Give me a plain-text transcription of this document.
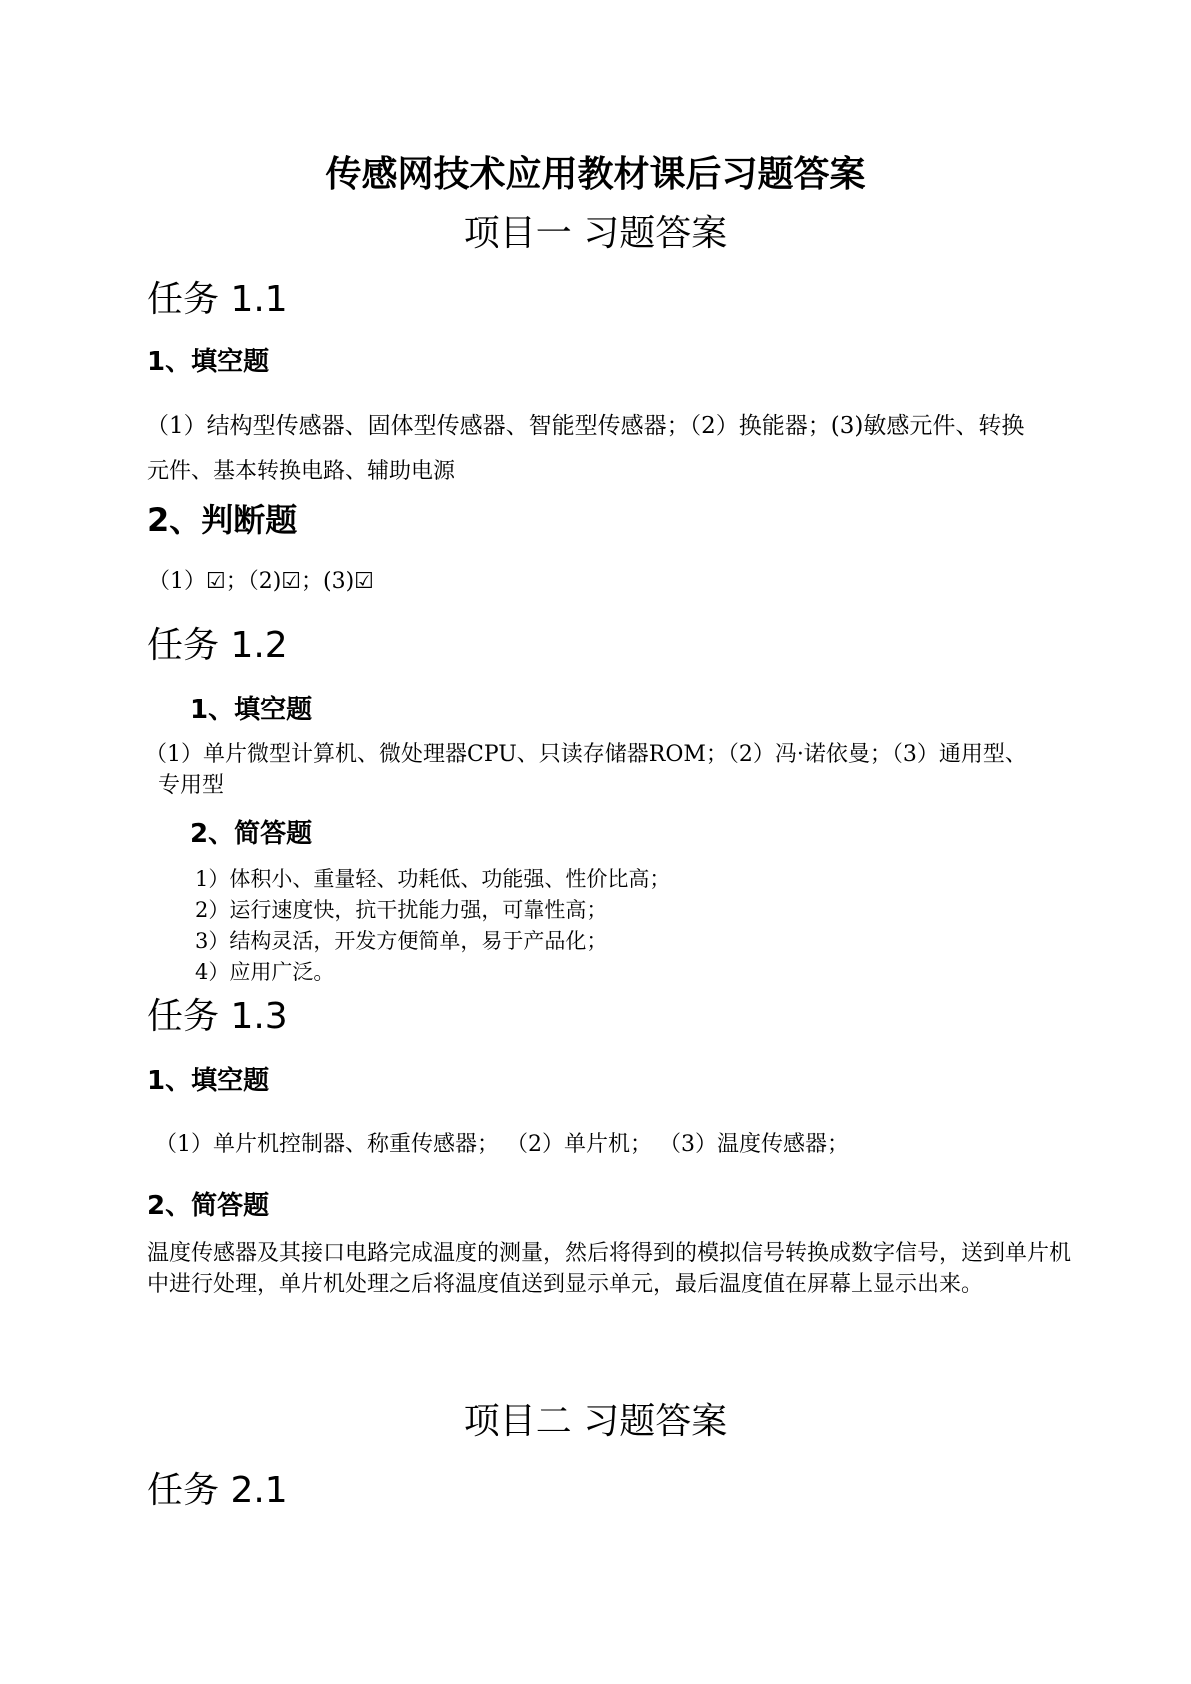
传感网技术应用教材课后习题答案
项目一 习题答案
任务 1.1
1、填空题
（1）结构型传感器、固体型传感器、智能型传感器；（2）换能器；(3)敏感元件、转换
元件、基本转换电路、辅助电源
2、判断题
（1）☑；（2)☑；(3)☑
任务 1.2
1、填空题
（1）单片微型计算机、微处理器CPU、只读存储器ROM；（2）冯·诺依曼；（3）通用型、
专用型
2、简答题
1）体积小、重量轻、功耗低、功能强、性价比高；
2）运行速度快，抗干扰能力强，可靠性高；
3）结构灵活，开发方便简单，易于产品化；
4）应用广泛。
任务 1.3
1、填空题
（1）单片机控制器、称重传感器； （2）单片机； （3）温度传感器；
2、简答题

温度传感器及其接口电路完成温度的测量，然后将得到的模拟信号转换成数字信号，送到单片机中进行处理，单片机处理之后将温度值送到显示单元，最后温度值在屏幕上显示出来。

项目二 习题答案
任务 2.1
